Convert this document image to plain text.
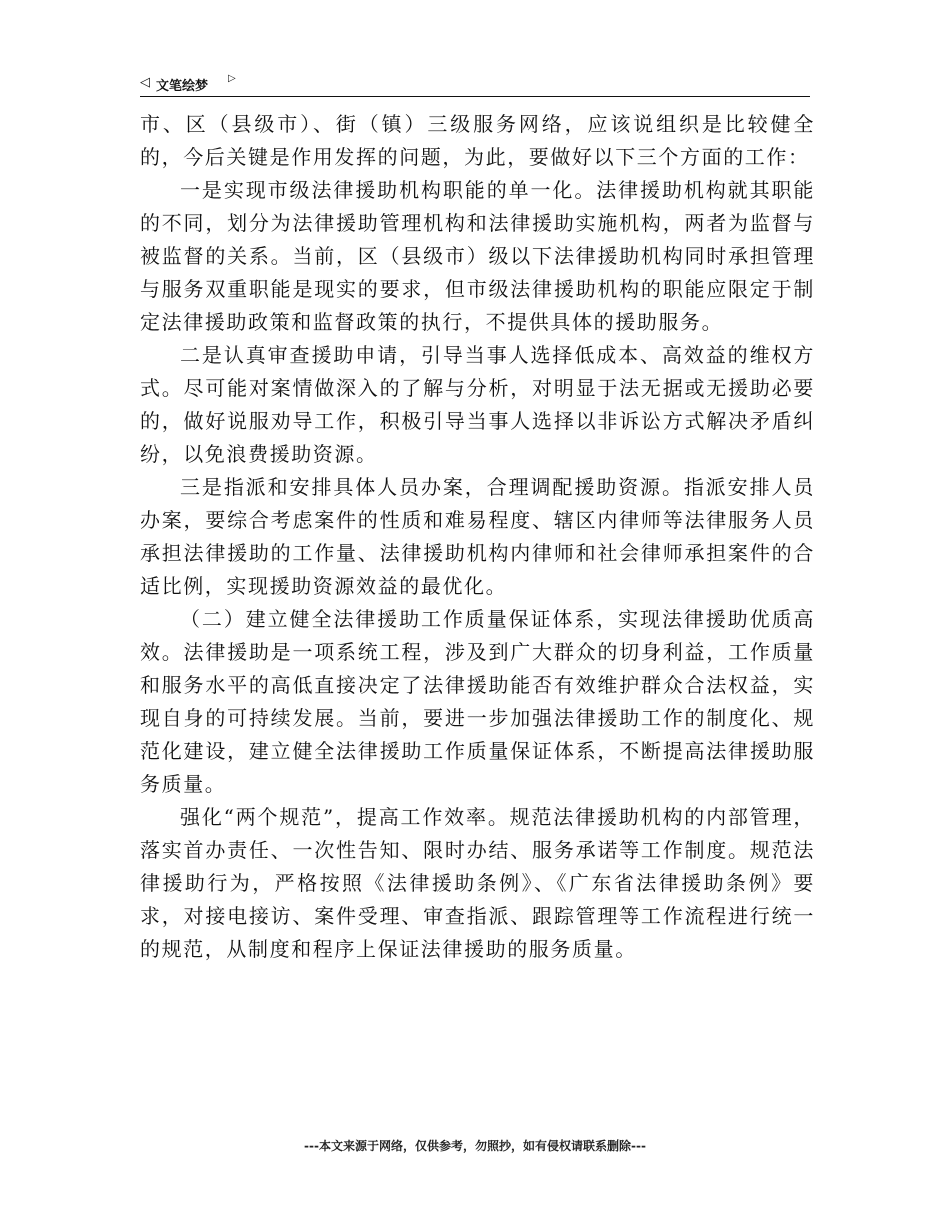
◁ 文笔绘梦
▷

市、区（县级市）、街（镇）三级服务网络，应该说组织是比较健全的，今后关键是作用发挥的问题，为此，要做好以下三个方面的工作：

一是实现市级法律援助机构职能的单一化。法律援助机构就其职能的不同，划分为法律援助管理机构和法律援助实施机构，两者为监督与被监督的关系。当前，区（县级市）级以下法律援助机构同时承担管理与服务双重职能是现实的要求，但市级法律援助机构的职能应限定于制定法律援助政策和监督政策的执行，不提供具体的援助服务。

二是认真审查援助申请，引导当事人选择低成本、高效益的维权方式。尽可能对案情做深入的了解与分析，对明显于法无据或无援助必要的，做好说服劝导工作，积极引导当事人选择以非诉讼方式解决矛盾纠纷，以免浪费援助资源。

三是指派和安排具体人员办案，合理调配援助资源。指派安排人员办案，要综合考虑案件的性质和难易程度、辖区内律师等法律服务人员承担法律援助的工作量、法律援助机构内律师和社会律师承担案件的合适比例，实现援助资源效益的最优化。

（二）建立健全法律援助工作质量保证体系，实现法律援助优质高效。法律援助是一项系统工程，涉及到广大群众的切身利益，工作质量和服务水平的高低直接决定了法律援助能否有效维护群众合法权益，实现自身的可持续发展。当前，要进一步加强法律援助工作的制度化、规范化建设，建立健全法律援助工作质量保证体系，不断提高法律援助服务质量。

强化“两个规范”，提高工作效率。规范法律援助机构的内部管理，落实首办责任、一次性告知、限时办结、服务承诺等工作制度。规范法律援助行为，严格按照《法律援助条例》、《广东省法律援助条例》要求，对接电接访、案件受理、审查指派、跟踪管理等工作流程进行统一的规范，从制度和程序上保证法律援助的服务质量。

---本文来源于网络，仅供参考，勿照抄，如有侵权请联系删除---
